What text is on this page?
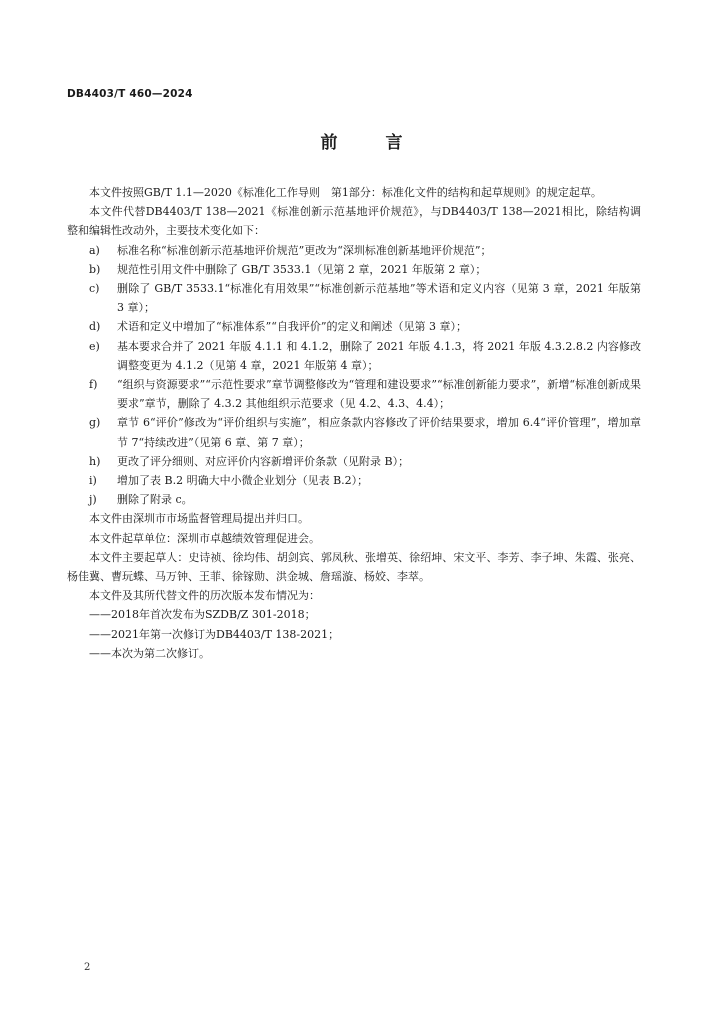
DB4403/T 460—2024
前 言

本文件按照GB/T 1.1—2020《标准化工作导则　第1部分：标准化文件的结构和起草规则》的规定起草。

本文件代替DB4403/T 138—2021《标准创新示范基地评价规范》，与DB4403/T 138—2021相比，除结构调整和编辑性改动外，主要技术变化如下：

a) 标准名称“标准创新示范基地评价规范”更改为“深圳标准创新基地评价规范”；

b) 规范性引用文件中删除了 GB/T 3533.1（见第 2 章，2021 年版第 2 章）；

c) 删除了 GB/T 3533.1“标准化有用效果”“标准创新示范基地”等术语和定义内容（见第 3 章，2021 年版第 3 章）；

d) 术语和定义中增加了“标准体系”“自我评价”的定义和阐述（见第 3 章）；

e) 基本要求合并了 2021 年版 4.1.1 和 4.1.2，删除了 2021 年版 4.1.3，将 2021 年版 4.3.2.8.2 内容修改调整变更为 4.1.2（见第 4 章，2021 年版第 4 章）；

f) “组织与资源要求”“示范性要求”章节调整修改为“管理和建设要求”“标准创新能力要求”，新增“标准创新成果要求”章节，删除了 4.3.2 其他组织示范要求（见 4.2、4.3、4.4）；

g) 章节 6“评价”修改为“评价组织与实施”，相应条款内容修改了评价结果要求，增加 6.4“评价管理”，增加章节 7“持续改进”（见第 6 章、第 7 章）；

h) 更改了评分细则、对应评价内容新增评价条款（见附录 B）；

i) 增加了表 B.2 明确大中小微企业划分（见表 B.2）；

j) 删除了附录 c。

本文件由深圳市市场监督管理局提出并归口。

本文件起草单位：深圳市卓越绩效管理促进会。

本文件主要起草人：史诗祯、徐均伟、胡剑宾、郭凤秋、张增英、徐绍坤、宋文平、李芳、李子坤、朱霞、张亮、杨佳冀、曹玩蝶、马万钟、王菲、徐镓勋、洪金城、詹瑶漩、杨姣、李萃。

本文件及其所代替文件的历次版本发布情况为：

——2018年首次发布为SZDB/Z 301-2018；

——2021年第一次修订为DB4403/T 138-2021；

——本次为第二次修订。

2
